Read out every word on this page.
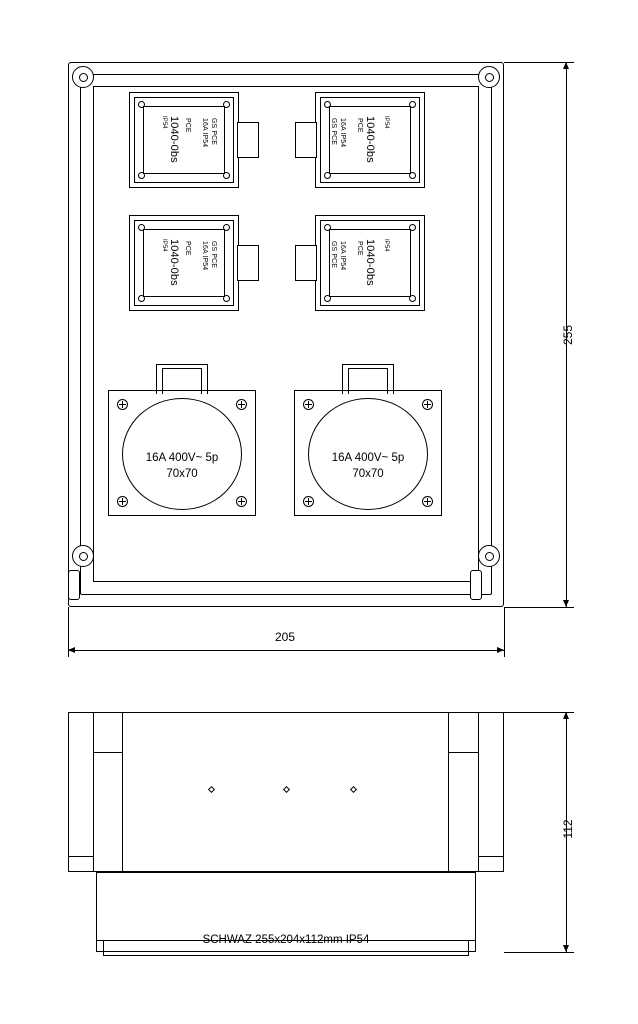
GS PCE
16A IP54
PCE
1040-0bs
IP54	GS PCE 16A IP54 PCE 1040-0bs IP54
GS PCE
16A IP54
PCE
1040-0bs
IP54	GS PCE 16A IP54 PCE 1040-0bs IP54
16A 400V~ 5p
70x70
16A 400V~ 5p
70x70
255
205
SCHWAZ 255x204x112mm IP54
112
